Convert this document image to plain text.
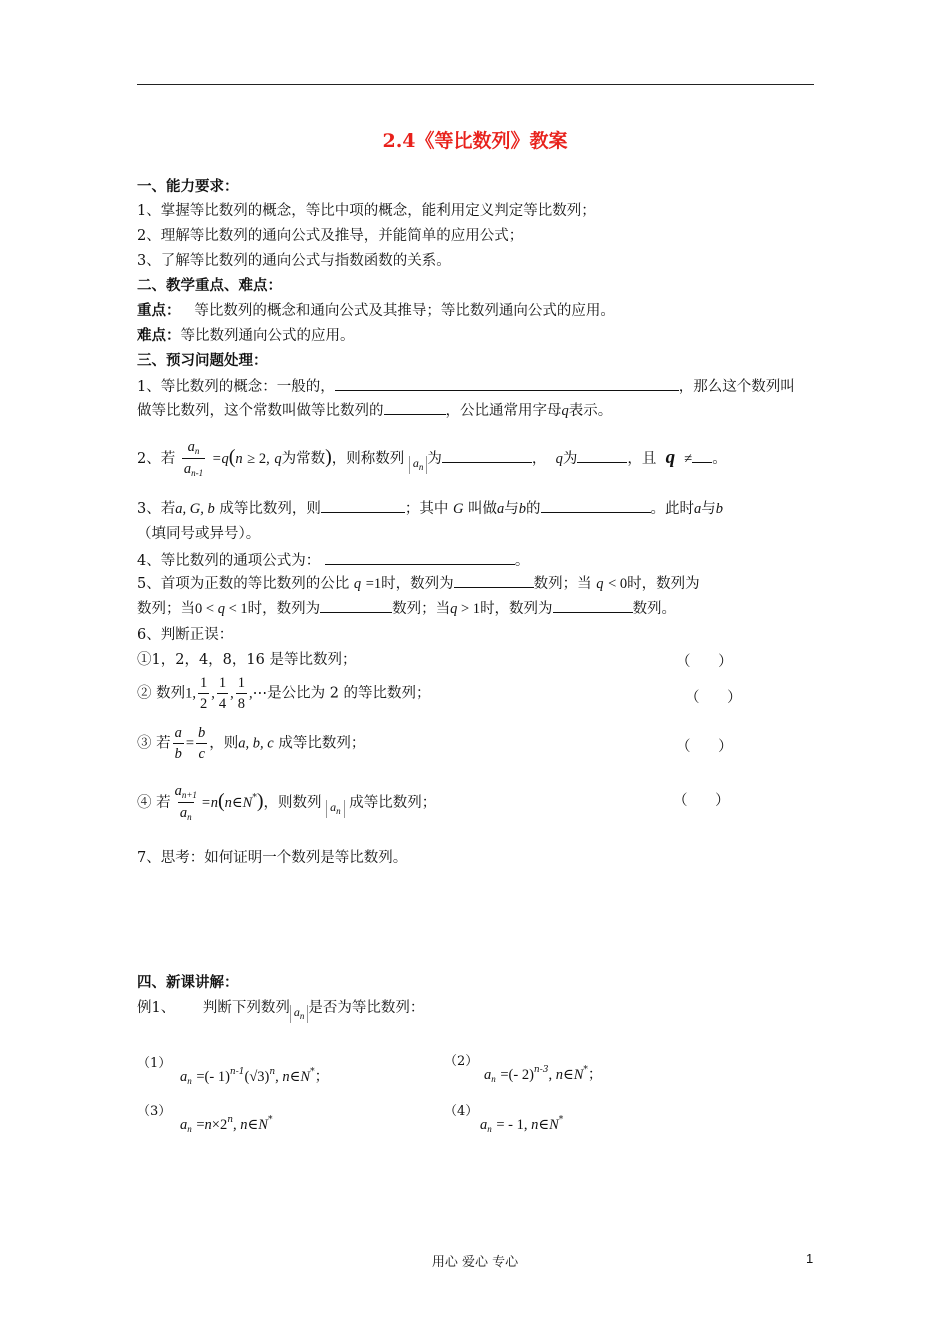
2.4《等比数列》教案
一、能力要求：
1、掌握等比数列的概念，等比中项的概念，能利用定义判定等比数列；
2、理解等比数列的通向公式及推导，并能简单的应用公式；
3、了解等比数列的通向公式与指数函数的关系。
二、教学重点、难点：
重点： 等比数列的概念和通向公式及其推导；等比数列通向公式的应用。
难点：等比数列通向公式的应用。
三、预习问题处理：
1、等比数列的概念：一般的，	，那么这个数列叫
做等比数列，这个常数叫做等比数列的	，公比通常用字母q表示。
2、若 $\frac{a_n}{a_{n-1}} =q(n \ge 2$, q为常数)，则称数列 $a_n$ 为	， q为	，且 q ≠ 。
3、若a, G, b 成等比数列，则	；其中 G 叫做a与b的	。此时a与b
（填同号或异号）。
4、等比数列的通项公式为：	。
5、首项为正数的等比数列的公比 q =1时，数列为	数列；当 q < 0时，数列为
数列；当0 < q < 1时，数列为	数列；当q > 1时，数列为	数列。
6、判断正误：
①1，2，4，8，16 是等比数列；	（      ）
② 数列1, $\frac{1}{2}$ , $\frac{1}{4}$ , $\frac{1}{8}$ ,⋯是公比为 2 的等比数列；	（      ）
③ 若 $\frac{a}{b} = \frac{b}{c}$ ，则a, b, c 成等比数列；	（      ）
④ 若 $\frac{a_{n+1}}{a_n}$ =n(n∈N*)，则数列 $a_n$ 成等比数列；	（      ）
7、思考：如何证明一个数列是等比数列。
四、新课讲解：
例1、 判断下列数列 $a_n$ 是否为等比数列：
（1）
$a_n$ =(- $1)^{n-1}(√3)^n$, n∈N*；
（2）
$a_n$ =(- 2)$^{n-3}$, n∈N*；
（3）
$a_n =n\times 2^n$, n∈N*
（4）
$a_n$ = - 1, n∈N*
用心 爱心 专心	1
